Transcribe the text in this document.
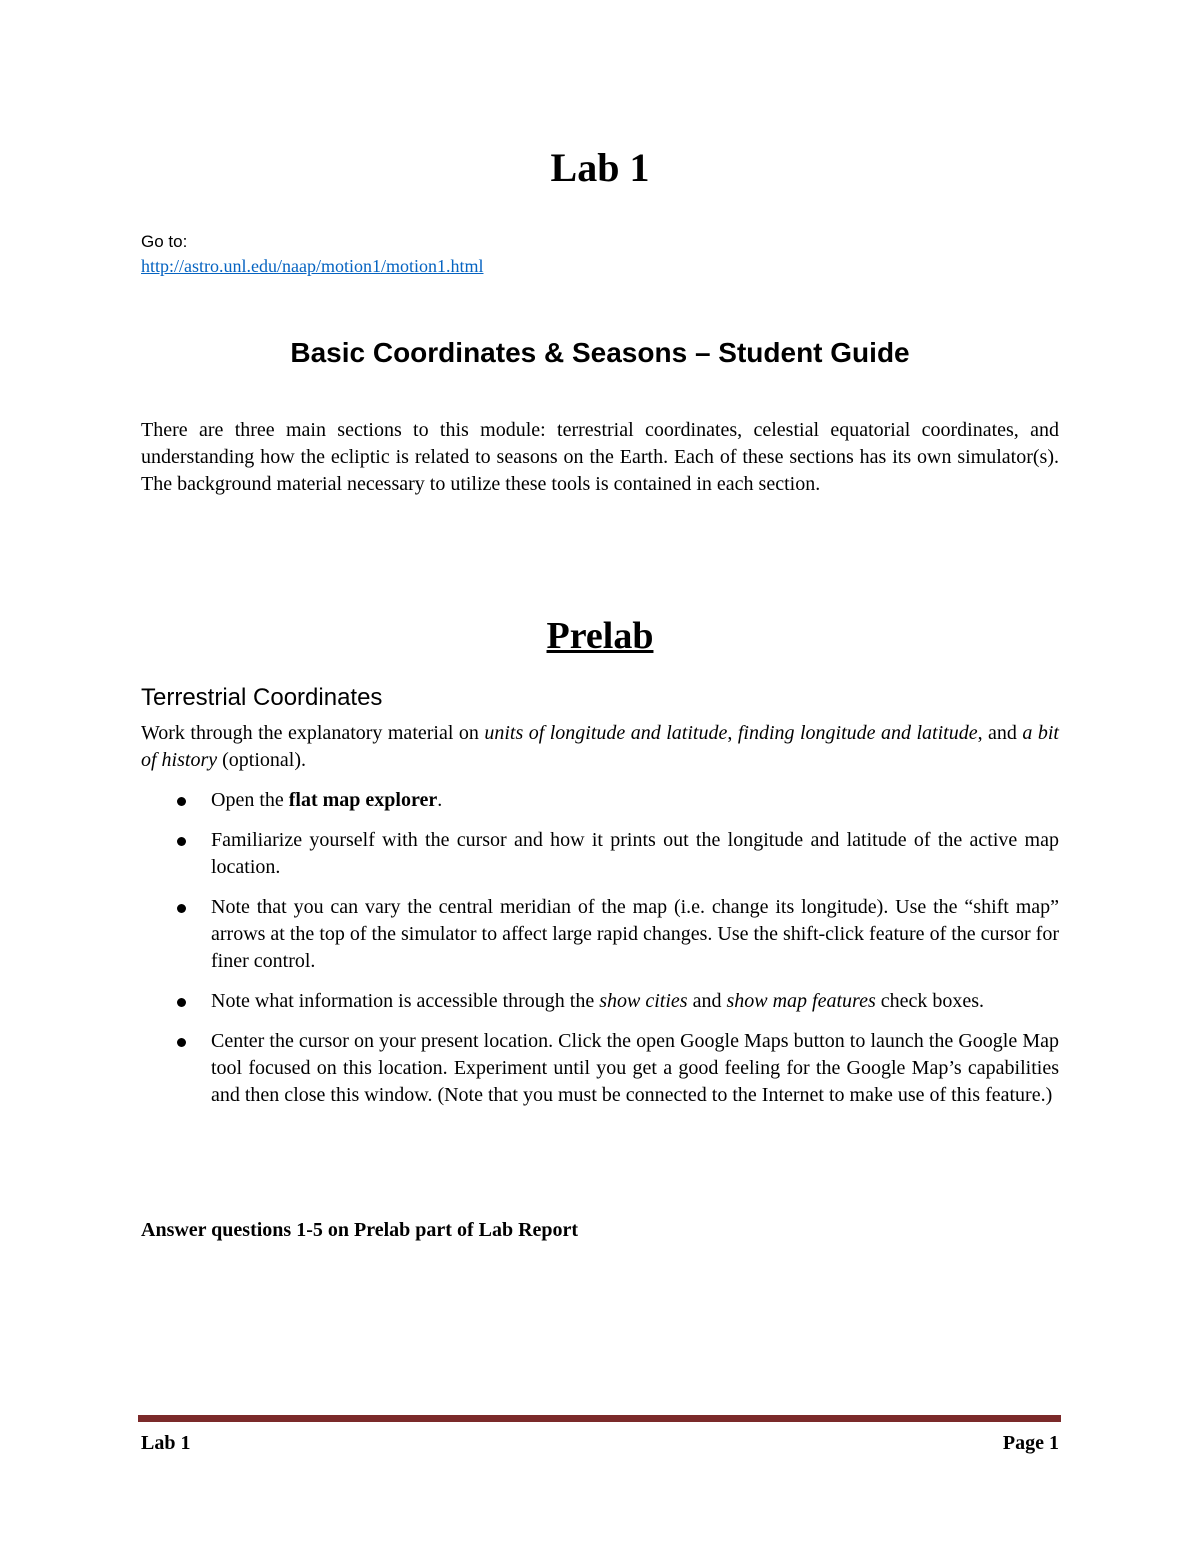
Lab 1
Go to:
http://astro.unl.edu/naap/motion1/motion1.html
Basic Coordinates & Seasons – Student Guide
There are three main sections to this module: terrestrial coordinates, celestial equatorial coordinates, and understanding how the ecliptic is related to seasons on the Earth. Each of these sections has its own simulator(s). The background material necessary to utilize these tools is contained in each section.
Prelab
Terrestrial Coordinates
Work through the explanatory material on units of longitude and latitude, finding longitude and latitude, and a bit of history (optional).
Open the flat map explorer.
Familiarize yourself with the cursor and how it prints out the longitude and latitude of the active map location.
Note that you can vary the central meridian of the map (i.e. change its longitude). Use the “shift map” arrows at the top of the simulator to affect large rapid changes. Use the shift-click feature of the cursor for finer control.
Note what information is accessible through the show cities and show map features check boxes.
Center the cursor on your present location. Click the open Google Maps button to launch the Google Map tool focused on this location. Experiment until you get a good feeling for the Google Map’s capabilities and then close this window. (Note that you must be connected to the Internet to make use of this feature.)
Answer questions 1-5 on Prelab part of Lab Report
Lab 1	Page 1
